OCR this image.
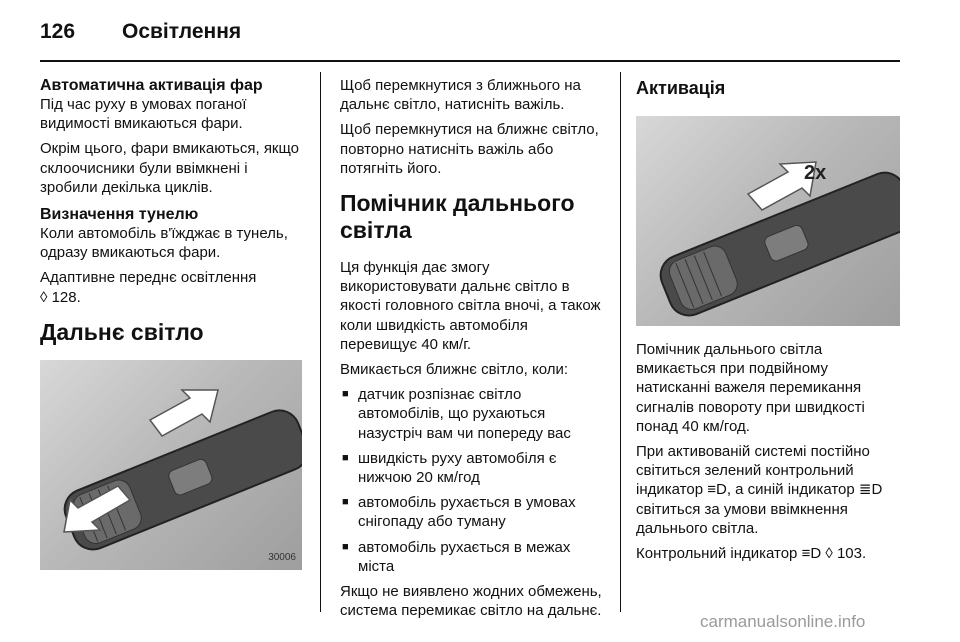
126 Освітлення
Автоматична активація фар

Під час руху в умовах поганої видимості вмикаються фари.

Окрім цього, фари вмикаються, якщо склоочисники були ввімкнені і зробили декілька циклів.

Визначення тунелю

Коли автомобіль в'їжджає в тунель, одразу вмикаються фари.

Адаптивне переднє освітлення
◊ 128.

Дальнє світло
30006

Щоб перемкнутися з ближнього на дальнє світло, натисніть важіль.

Щоб перемкнутися на ближнє світло, повторно натисніть важіль або потягніть його.

Помічник дальнього світла

Ця функція дає змогу використовувати дальнє світло в якості головного світла вночі, а також коли швидкість автомобіля перевищує 40 км/г.

Вмикається ближнє світло, коли:

■ датчик розпізнає світло автомобілів, що рухаються назустріч вам чи попереду вас
■ швидкість руху автомобіля є нижчою 20 км/год
■ автомобіль рухається в умовах снігопаду або туману
■ автомобіль рухається в межах міста

Якщо не виявлено жодних обмежень, система перемикає світло на дальнє.

Активація
2x

Помічник дальнього світла вмикається при подвійному натисканні важеля перемикання сигналів повороту при швидкості понад 40 км/год.

При активованій системі постійно світиться зелений контрольний індикатор ≡D, а синій індикатор ≣D світиться за умови ввімкнення дальнього світла.

Контрольний індикатор ≡D ◊ 103.

carmanualsonline.info
